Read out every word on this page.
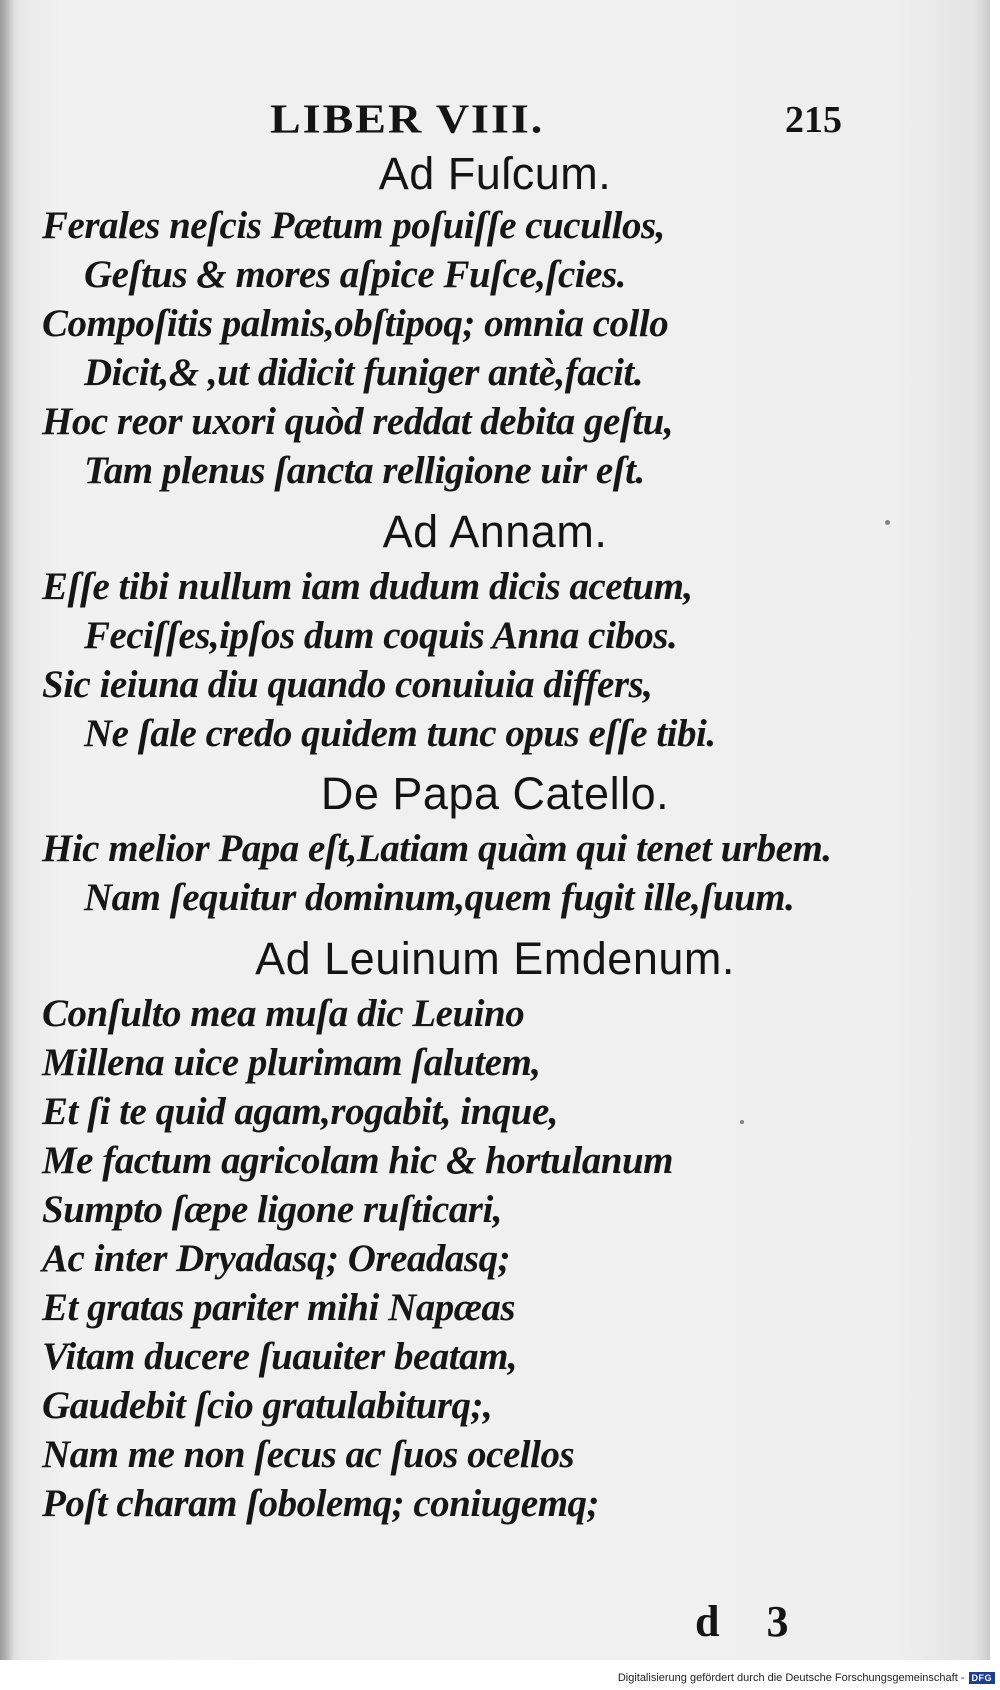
LIBER VIII.	215
Ad Fuſcum.
Ferales neſcis Pætum poſuiſſe cucullos,
Geſtus & mores aſpice Fuſce,ſcies.
Compoſitis palmis,obſtipoq; omnia collo
Dicit,& ,ut didicit funiger antè,facit.
Hoc reor uxori quòd reddat debita geſtu,
Tam plenus ſancta relligione uir eſt.
Ad Annam.
Eſſe tibi nullum iam dudum dicis acetum,
Feciſſes,ipſos dum coquis Anna cibos.
Sic ieiuna diu quando conuiuia differs,
Ne ſale credo quidem tunc opus eſſe tibi.
De Papa Catello.
Hic melior Papa eſt,Latiam quàm qui tenet urbem.
Nam ſequitur dominum,quem fugit ille,ſuum.
Ad Leuinum Emdenum.
Conſulto mea muſa dic Leuino
Millena uice plurimam ſalutem,
Et ſi te quid agam,rogabit, inque,
Me factum agricolam hic & hortulanum
Sumpto ſæpe ligone ruſticari,
Ac inter Dryadasq; Oreadasq;
Et gratas pariter mihi Napæas
Vitam ducere ſuauiter beatam,
Gaudebit ſcio gratulabiturq;,
Nam me non ſecus ac ſuos ocellos
Poſt charam ſobolemq; coniugemq;
d 3
Digitalisierung gefördert durch die Deutsche Forschungsgemeinschaft - DFG
